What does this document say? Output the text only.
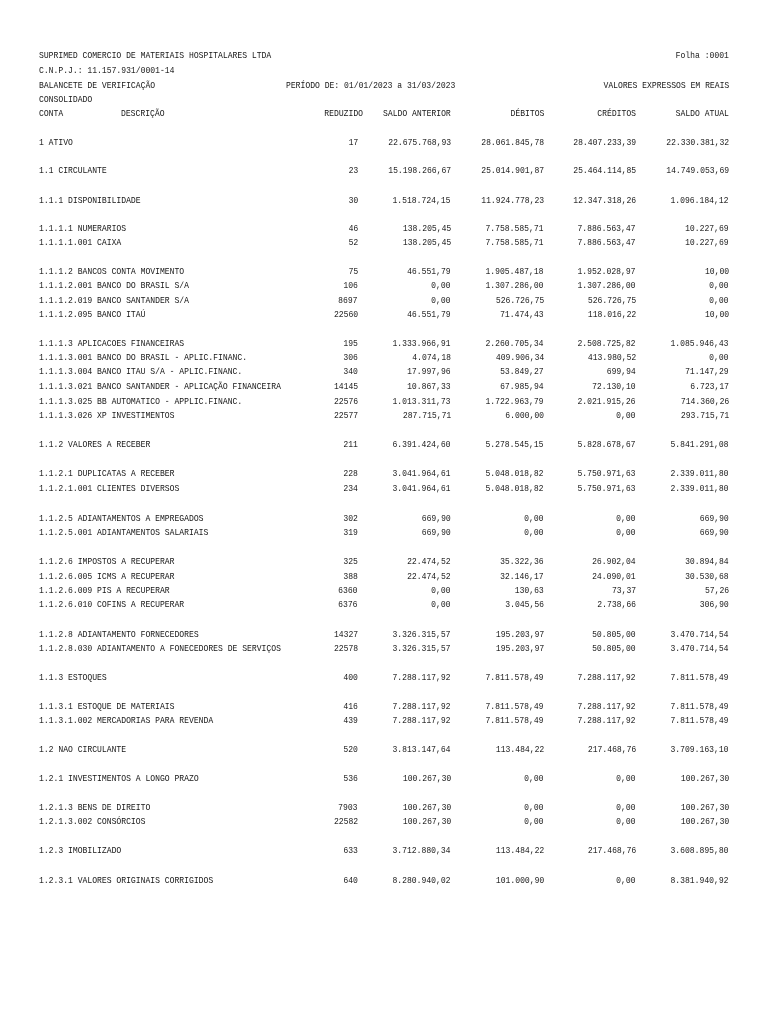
SUPRIMED COMERCIO DE MATERIAIS HOSPITALARES LTDA	Folha :0001
C.N.P.J.: 11.157.931/0001-14
BALANCETE DE VERIFICAÇÃO	PERÍODO DE: 01/01/2023 a 31/03/2023	VALORES EXPRESSOS EM REAIS
CONSOLIDADO
CONTA	DESCRIÇÃO	REDUZIDO	SALDO ANTERIOR	DÉBITOS	CRÉDITOS	SALDO ATUAL
1 ATIVO	17	22.675.768,93	28.061.845,78	28.407.233,39	22.330.381,32
1.1 CIRCULANTE	23	15.198.266,67	25.014.901,87	25.464.114,85	14.749.053,69
1.1.1 DISPONIBILIDADE	30	1.518.724,15	11.924.778,23	12.347.318,26	1.096.184,12
1.1.1.1 NUMERARIOS	46	138.205,45	7.758.585,71	7.886.563,47	10.227,69
1.1.1.1.001 CAIXA	52	138.205,45	7.758.585,71	7.886.563,47	10.227,69
1.1.1.2 BANCOS CONTA MOVIMENTO	75	46.551,79	1.905.487,18	1.952.028,97	10,00
1.1.1.2.001 BANCO DO BRASIL S/A	106	0,00	1.307.286,00	1.307.286,00	0,00
1.1.1.2.019 BANCO SANTANDER S/A	8697	0,00	526.726,75	526.726,75	0,00
1.1.1.2.095 BANCO ITAÚ	22560	46.551,79	71.474,43	118.016,22	10,00
1.1.1.3 APLICACOES FINANCEIRAS	195	1.333.966,91	2.260.705,34	2.508.725,82	1.085.946,43
1.1.1.3.001 BANCO DO BRASIL - APLIC.FINANC.	306	4.074,18	409.906,34	413.980,52	0,00
1.1.1.3.004 BANCO ITAU S/A - APLIC.FINANC.	340	17.997,96	53.849,27	699,94	71.147,29
1.1.1.3.021 BANCO SANTANDER - APLICAÇÃO FINANCEIRA	14145	10.867,33	67.985,94	72.130,10	6.723,17
1.1.1.3.025 BB AUTOMATICO - APPLIC.FINANC.	22576	1.013.311,73	1.722.963,79	2.021.915,26	714.360,26
1.1.1.3.026 XP INVESTIMENTOS	22577	287.715,71	6.000,00	0,00	293.715,71
1.1.2 VALORES A RECEBER	211	6.391.424,60	5.278.545,15	5.828.678,67	5.841.291,08
1.1.2.1 DUPLICATAS A RECEBER	228	3.041.964,61	5.048.018,82	5.750.971,63	2.339.011,80
1.1.2.1.001 CLIENTES DIVERSOS	234	3.041.964,61	5.048.018,82	5.750.971,63	2.339.011,80
1.1.2.5 ADIANTAMENTOS A EMPREGADOS	302	669,90	0,00	0,00	669,90
1.1.2.5.001 ADIANTAMENTOS SALARIAIS	319	669,90	0,00	0,00	669,90
1.1.2.6 IMPOSTOS A RECUPERAR	325	22.474,52	35.322,36	26.902,04	30.894,84
1.1.2.6.005 ICMS A RECUPERAR	388	22.474,52	32.146,17	24.090,01	30.530,68
1.1.2.6.009 PIS A RECUPERAR	6360	0,00	130,63	73,37	57,26
1.1.2.6.010 COFINS A RECUPERAR	6376	0,00	3.045,56	2.738,66	306,90
1.1.2.8 ADIANTAMENTO FORNECEDORES	14327	3.326.315,57	195.203,97	50.805,00	3.470.714,54
1.1.2.8.030 ADIANTAMENTO A FONECEDORES DE SERVIÇOS	22578	3.326.315,57	195.203,97	50.805,00	3.470.714,54
1.1.3 ESTOQUES	400	7.288.117,92	7.811.578,49	7.288.117,92	7.811.578,49
1.1.3.1 ESTOQUE DE MATERIAIS	416	7.288.117,92	7.811.578,49	7.288.117,92	7.811.578,49
1.1.3.1.002 MERCADORIAS PARA REVENDA	439	7.288.117,92	7.811.578,49	7.288.117,92	7.811.578,49
1.2 NAO CIRCULANTE	520	3.813.147,64	113.484,22	217.468,76	3.709.163,10
1.2.1 INVESTIMENTOS A LONGO PRAZO	536	100.267,30	0,00	0,00	100.267,30
1.2.1.3 BENS DE DIREITO	7903	100.267,30	0,00	0,00	100.267,30
1.2.1.3.002 CONSÓRCIOS	22582	100.267,30	0,00	0,00	100.267,30
1.2.3 IMOBILIZADO	633	3.712.880,34	113.484,22	217.468,76	3.608.895,80
1.2.3.1 VALORES ORIGINAIS CORRIGIDOS	640	8.280.940,02	101.000,90	0,00	8.381.940,92
